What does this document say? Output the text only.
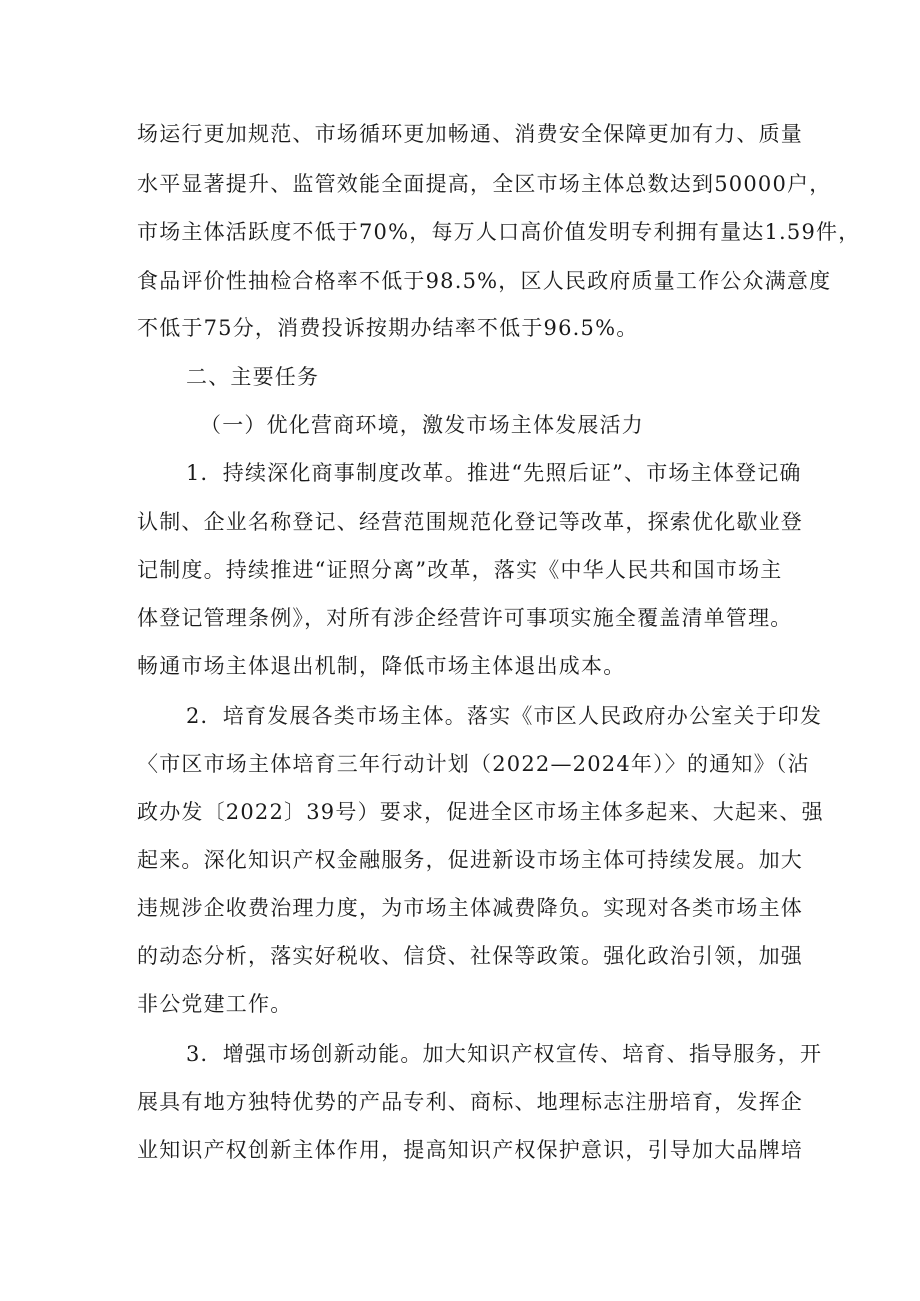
场运行更加规范、市场循环更加畅通、消费安全保障更加有力、质量
水平显著提升、监管效能全面提高，全区市场主体总数达到50000户，
市场主体活跃度不低于70%，每万人口高价值发明专利拥有量达1.59件，
食品评价性抽检合格率不低于98.5%，区人民政府质量工作公众满意度
不低于75分，消费投诉按期办结率不低于96.5%。
二、主要任务
（一）优化营商环境，激发市场主体发展活力
1．持续深化商事制度改革。推进“先照后证”、市场主体登记确
认制、企业名称登记、经营范围规范化登记等改革，探索优化歇业登
记制度。持续推进“证照分离”改革，落实《中华人民共和国市场主
体登记管理条例》，对所有涉企经营许可事项实施全覆盖清单管理。
畅通市场主体退出机制，降低市场主体退出成本。
2．培育发展各类市场主体。落实《市区人民政府办公室关于印发
〈市区市场主体培育三年行动计划（2022—2024年）〉的通知》（沾
政办发〔2022〕39号）要求，促进全区市场主体多起来、大起来、强
起来。深化知识产权金融服务，促进新设市场主体可持续发展。加大
违规涉企收费治理力度，为市场主体减费降负。实现对各类市场主体
的动态分析，落实好税收、信贷、社保等政策。强化政治引领，加强
非公党建工作。
3．增强市场创新动能。加大知识产权宣传、培育、指导服务，开
展具有地方独特优势的产品专利、商标、地理标志注册培育，发挥企
业知识产权创新主体作用，提高知识产权保护意识，引导加大品牌培
